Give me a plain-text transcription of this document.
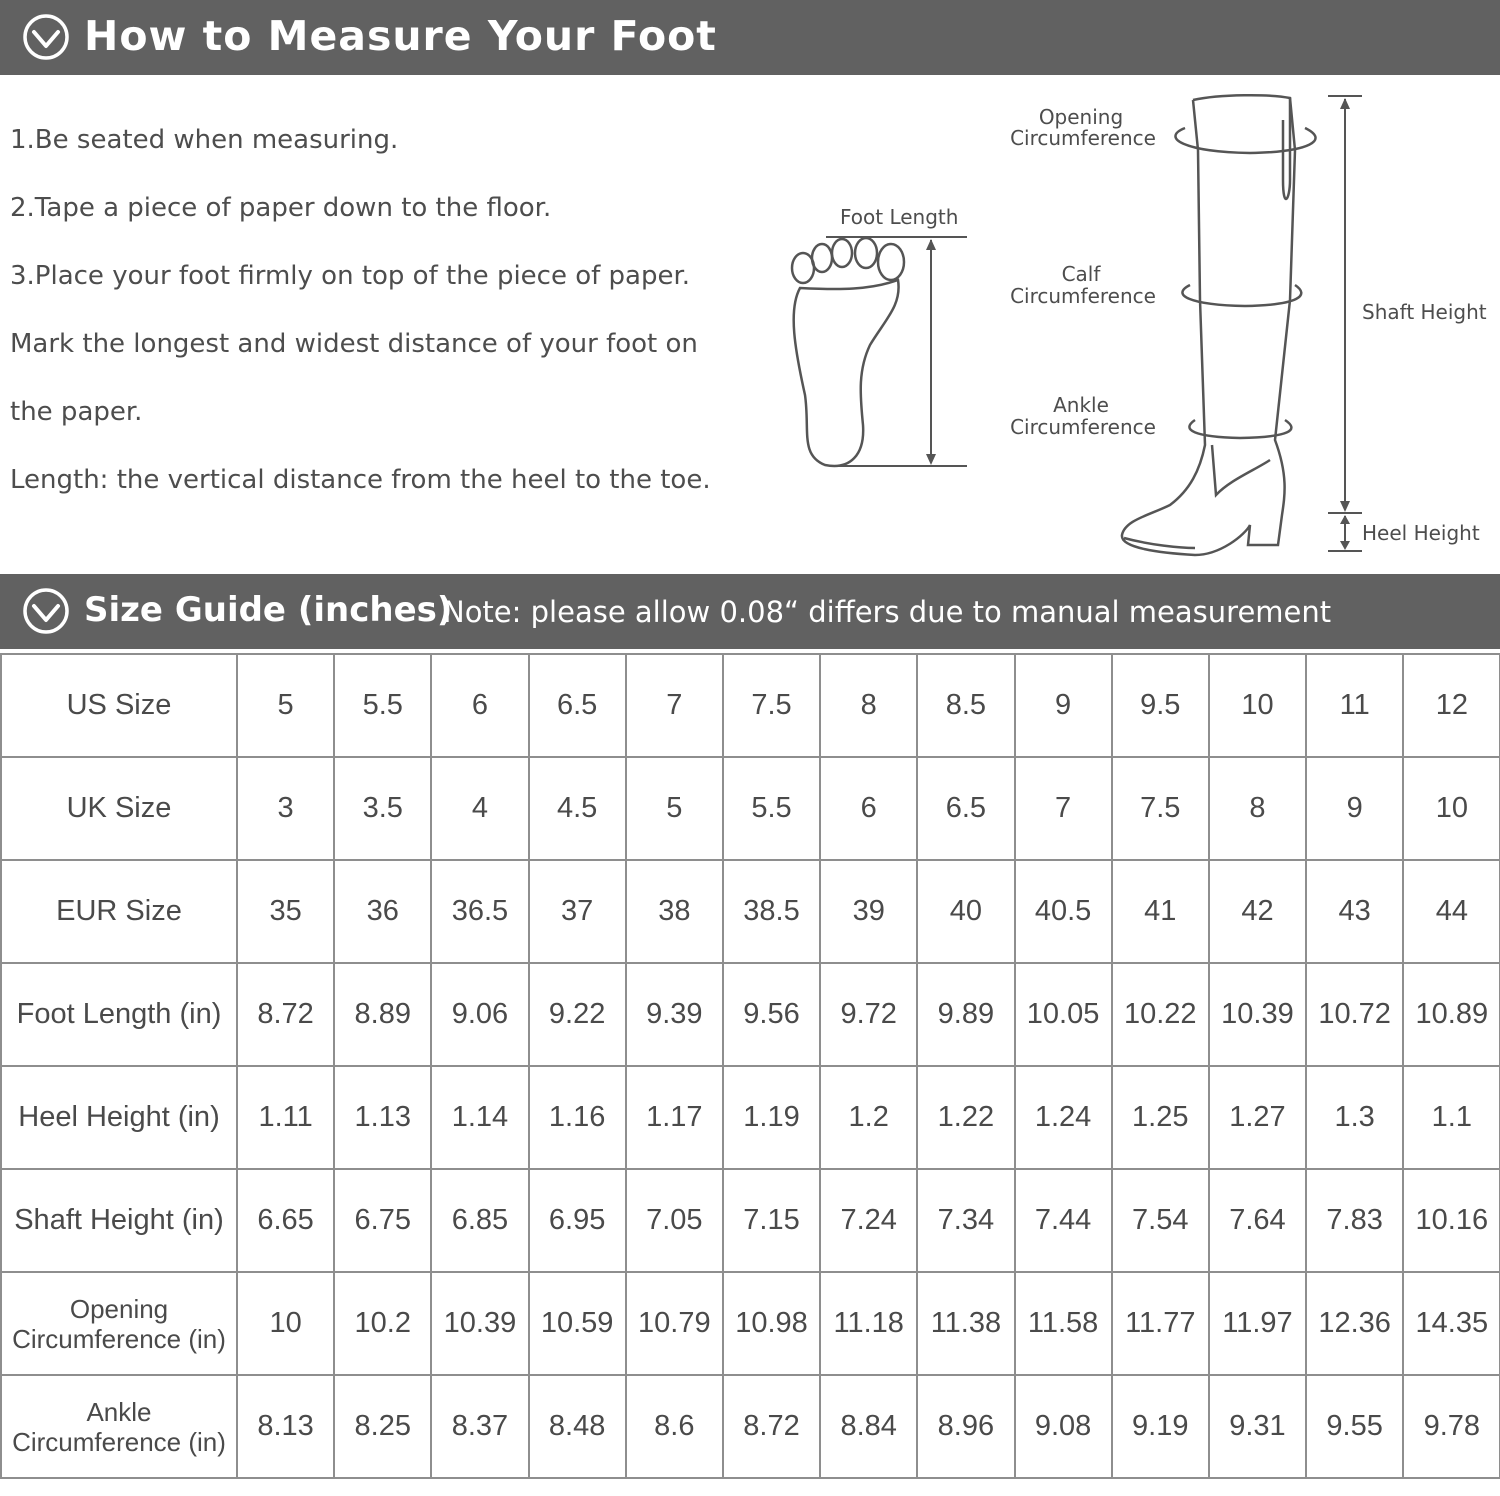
How to Measure Your Foot
1.Be seated when measuring.
2.Tape a piece of paper down to the floor.
3.Place your foot firmly on top of the piece of paper.
Mark the longest and widest distance of your foot on
the paper.
Length: the vertical distance from the heel to the toe.
Foot Length
Opening
Circumference
Calf
Circumference
Ankle
Circumference
Shaft Height
Heel Height
Size Guide (inches)
Note: please allow 0.08“ differs due to manual measurement
US Size	5	5.5	6	6.5	7	7.5	8	8.5	9	9.5	10	11	12
UK Size	3	3.5	4	4.5	5	5.5	6	6.5	7	7.5	8	9	10
EUR Size	35	36	36.5	37	38	38.5	39	40	40.5	41	42	43	44
Foot Length (in)	8.72	8.89	9.06	9.22	9.39	9.56	9.72	9.89	10.05	10.22	10.39	10.72	10.89
Heel Height (in)	1.11	1.13	1.14	1.16	1.17	1.19	1.2	1.22	1.24	1.25	1.27	1.3	1.1
Shaft Height (in)	6.65	6.75	6.85	6.95	7.05	7.15	7.24	7.34	7.44	7.54	7.64	7.83	10.16

Opening
Circumference (in)	10	10.2	10.39	10.59	10.79	10.98	11.18	11.38	11.58	11.77	11.97	12.36	14.35

Ankle
Circumference (in)	8.13	8.25	8.37	8.48	8.6	8.72	8.84	8.96	9.08	9.19	9.31	9.55	9.78
